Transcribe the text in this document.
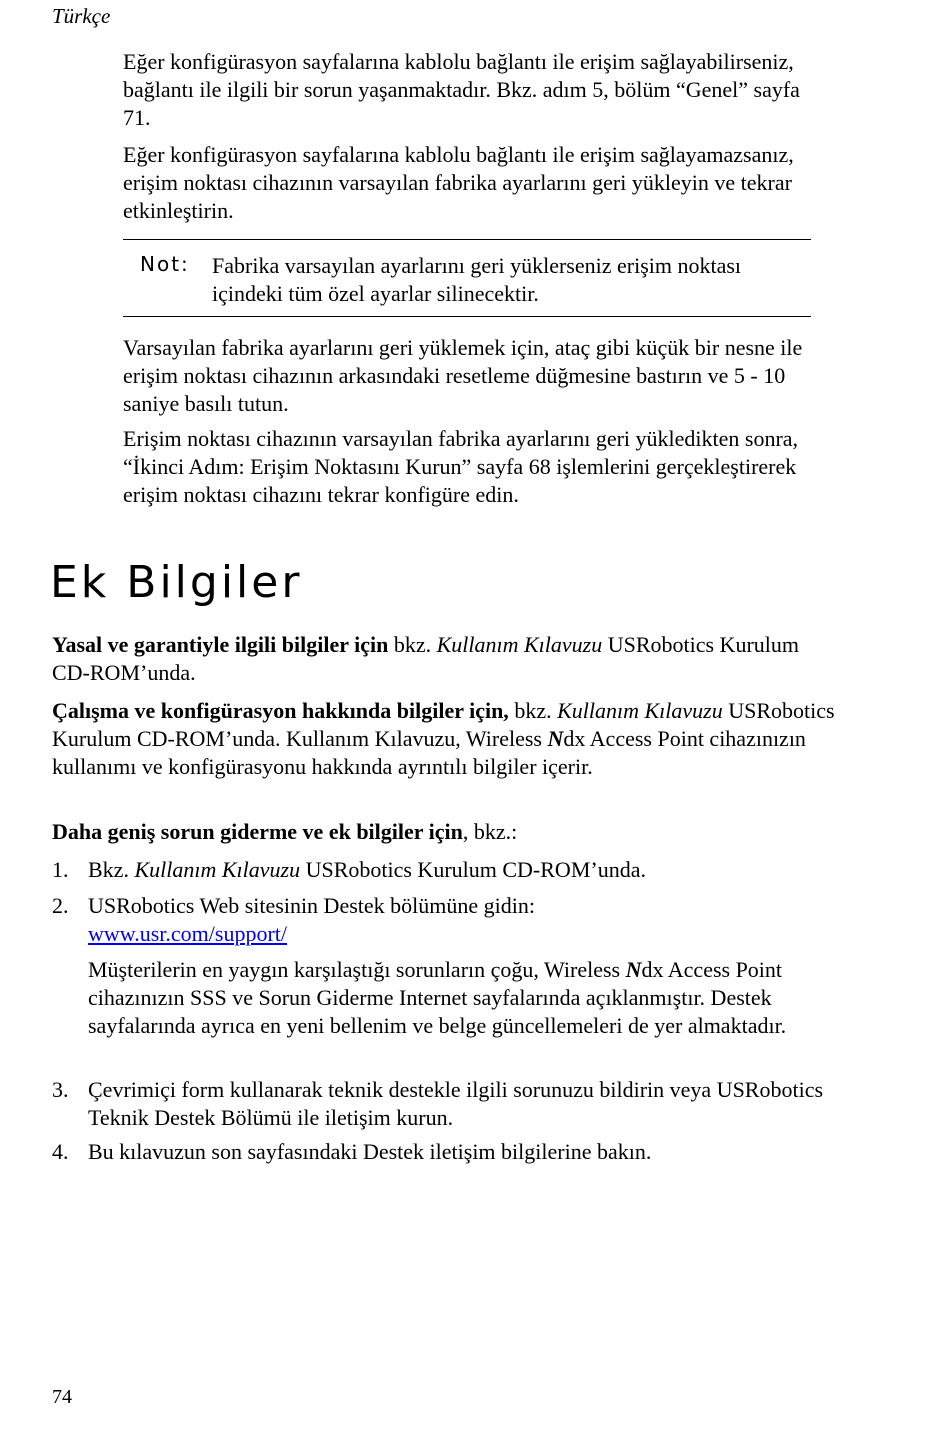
Türkçe

Eğer konfigürasyon sayfalarına kablolu bağlantı ile erişim sağlayabilirseniz, bağlantı ile ilgili bir sorun yaşanmaktadır. Bkz. adım 5, bölüm “Genel” sayfa 71.

Eğer konfigürasyon sayfalarına kablolu bağlantı ile erişim sağlayamazsanız, erişim noktası cihazının varsayılan fabrika ayarlarını geri yükleyin ve tekrar etkinleştirin.

Not: Fabrika varsayılan ayarlarını geri yüklerseniz erişim noktası içindeki tüm özel ayarlar silinecektir.

Varsayılan fabrika ayarlarını geri yüklemek için, ataç gibi küçük bir nesne ile erişim noktası cihazının arkasındaki resetleme düğmesine bastırın ve 5 - 10 saniye basılı tutun.

Erişim noktası cihazının varsayılan fabrika ayarlarını geri yükledikten sonra, “İkinci Adım: Erişim Noktasını Kurun” sayfa 68 işlemlerini gerçekleştirerek erişim noktası cihazını tekrar konfigüre edin.

Ek Bilgiler

Yasal ve garantiyle ilgili bilgiler için bkz. Kullanım Kılavuzu USRobotics Kurulum CD-ROM’unda.

Çalışma ve konfigürasyon hakkında bilgiler için, bkz. Kullanım Kılavuzu USRobotics Kurulum CD-ROM’unda. Kullanım Kılavuzu, Wireless Ndx Access Point cihazınızın kullanımı ve konfigürasyonu hakkında ayrıntılı bilgiler içerir.

Daha geniş sorun giderme ve ek bilgiler için, bkz.:

1. Bkz. Kullanım Kılavuzu USRobotics Kurulum CD-ROM’unda.

2. USRobotics Web sitesinin Destek bölümüne gidin:
www.usr.com/support/

Müşterilerin en yaygın karşılaştığı sorunların çoğu, Wireless Ndx Access Point cihazınızın SSS ve Sorun Giderme Internet sayfalarında açıklanmıştır. Destek sayfalarında ayrıca en yeni bellenim ve belge güncellemeleri de yer almaktadır.

3. Çevrimiçi form kullanarak teknik destekle ilgili sorunuzu bildirin veya USRobotics Teknik Destek Bölümü ile iletişim kurun.

4. Bu kılavuzun son sayfasındaki Destek iletişim bilgilerine bakın.

74
